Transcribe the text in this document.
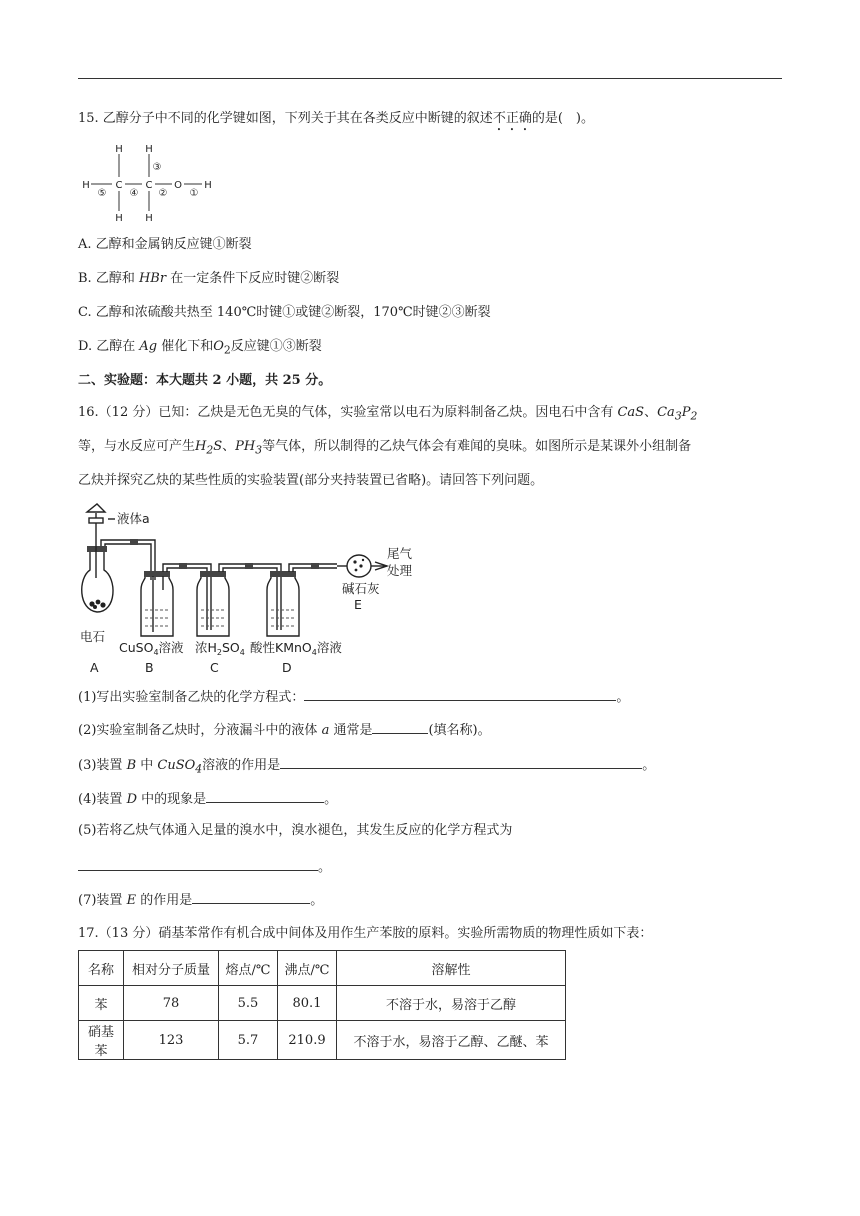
15. 乙醇分子中不同的化学键如图，下列关于其在各类反应中断键的叙述不正确的是(　)。
H	C C O H
H H
H H
⑤ ④ ②
③
①
A. 乙醇和金属钠反应键①断裂
B. 乙醇和 HBr 在一定条件下反应时键②断裂
C. 乙醇和浓硫酸共热至 140℃时键①或键②断裂，170℃时键②③断裂
D. 乙醇在 Ag 催化下和$O_2$反应键①③断裂
二、实验题：本大题共 2 小题，共 25 分。
16.（12 分）已知：乙炔是无色无臭的气体，实验室常以电石为原料制备乙炔。因电石中含有 CaS、$Ca_3P_2$
等，与水反应可产生$H_2S$、$PH_3$等气体，所以制得的乙炔气体会有难闻的臭味。如图所示是某课外小组制备
乙炔并探究乙炔的某些性质的实验装置(部分夹持装置已省略)。请回答下列问题。
液体a
电石
A
CuSO$_4$溶液
B
浓$H_2SO_4$
C
酸性KMnO$_4$溶液
D
碱石灰
E
尾气
处理
(1)写出实验室制备乙炔的化学方程式：	。
(2)实验室制备乙炔时，分液漏斗中的液体 a 通常是	(填名称)。
(3)装置 B 中 CuSO$_4$溶液的作用是	。
(4)装置 D 中的现象是	。
(5)若将乙炔气体通入足量的溴水中，溴水褪色，其发生反应的化学方程式为
。
(7)装置 E 的作用是	。
17.（13 分）硝基苯常作有机合成中间体及用作生产苯胺的原料。实验所需物质的物理性质如下表：
名称	相对分子质量	熔点/℃	沸点/℃	溶解性
苯	78	5.5	80.1	不溶于水，易溶于乙醇
硝基苯	123	5.7	210.9	不溶于水，易溶于乙醇、乙醚、苯
